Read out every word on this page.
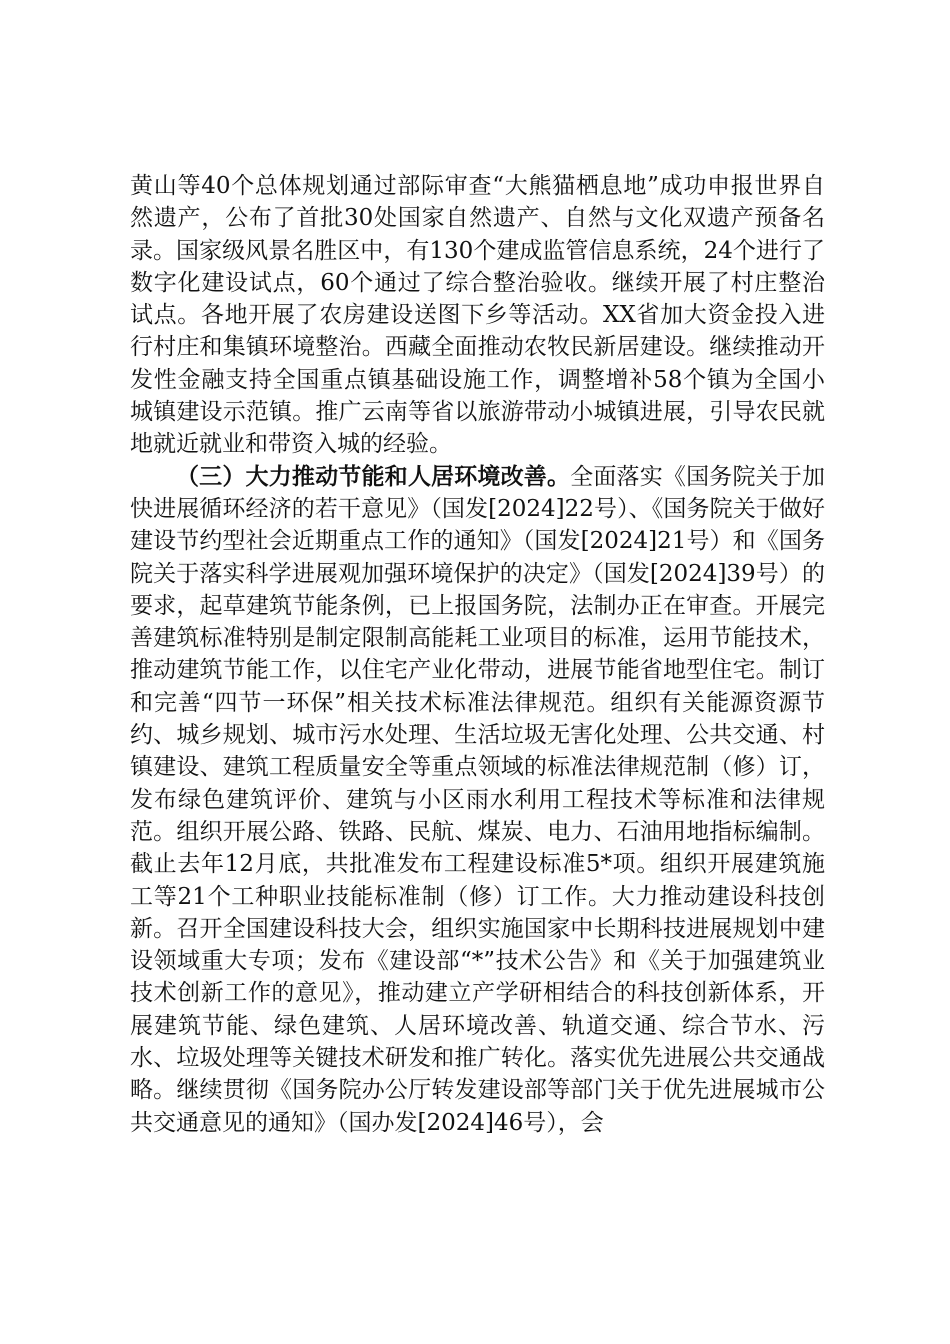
黄山等40个总体规划通过部际审查“大熊猫栖息地”成功申报世界自然遗产，公布了首批30处国家自然遗产、自然与文化双遗产预备名录。国家级风景名胜区中，有130个建成监管信息系统，24个进行了数字化建设试点，60个通过了综合整治验收。继续开展了村庄整治试点。各地开展了农房建设送图下乡等活动。XX省加大资金投入进行村庄和集镇环境整治。西藏全面推动农牧民新居建设。继续推动开发性金融支持全国重点镇基础设施工作，调整增补58个镇为全国小城镇建设示范镇。推广云南等省以旅游带动小城镇进展，引导农民就地就近就业和带资入城的经验。

（三）大力推动节能和人居环境改善。全面落实《国务院关于加快进展循环经济的若干意见》（国发[2024]22号）、《国务院关于做好建设节约型社会近期重点工作的通知》（国发[2024]21号）和《国务院关于落实科学进展观加强环境保护的决定》（国发[2024]39号）的要求，起草建筑节能条例，已上报国务院，法制办正在审查。开展完善建筑标准特别是制定限制高能耗工业项目的标准，运用节能技术，推动建筑节能工作，以住宅产业化带动，进展节能省地型住宅。制订和完善“四节一环保”相关技术标准法律规范。组织有关能源资源节约、城乡规划、城市污水处理、生活垃圾无害化处理、公共交通、村镇建设、建筑工程质量安全等重点领域的标准法律规范制（修）订，发布绿色建筑评价、建筑与小区雨水利用工程技术等标准和法律规范。组织开展公路、铁路、民航、煤炭、电力、石油用地指标编制。截止去年12月底，共批准发布工程建设标准5*项。组织开展建筑施工等21个工种职业技能标准制（修）订工作。大力推动建设科技创新。召开全国建设科技大会，组织实施国家中长期科技进展规划中建设领域重大专项；发布《建设部“*”技术公告》和《关于加强建筑业技术创新工作的意见》，推动建立产学研相结合的科技创新体系，开展建筑节能、绿色建筑、人居环境改善、轨道交通、综合节水、污水、垃圾处理等关键技术研发和推广转化。落实优先进展公共交通战略。继续贯彻《国务院办公厅转发建设部等部门关于优先进展城市公共交通意见的通知》（国办发[2024]46号），会
